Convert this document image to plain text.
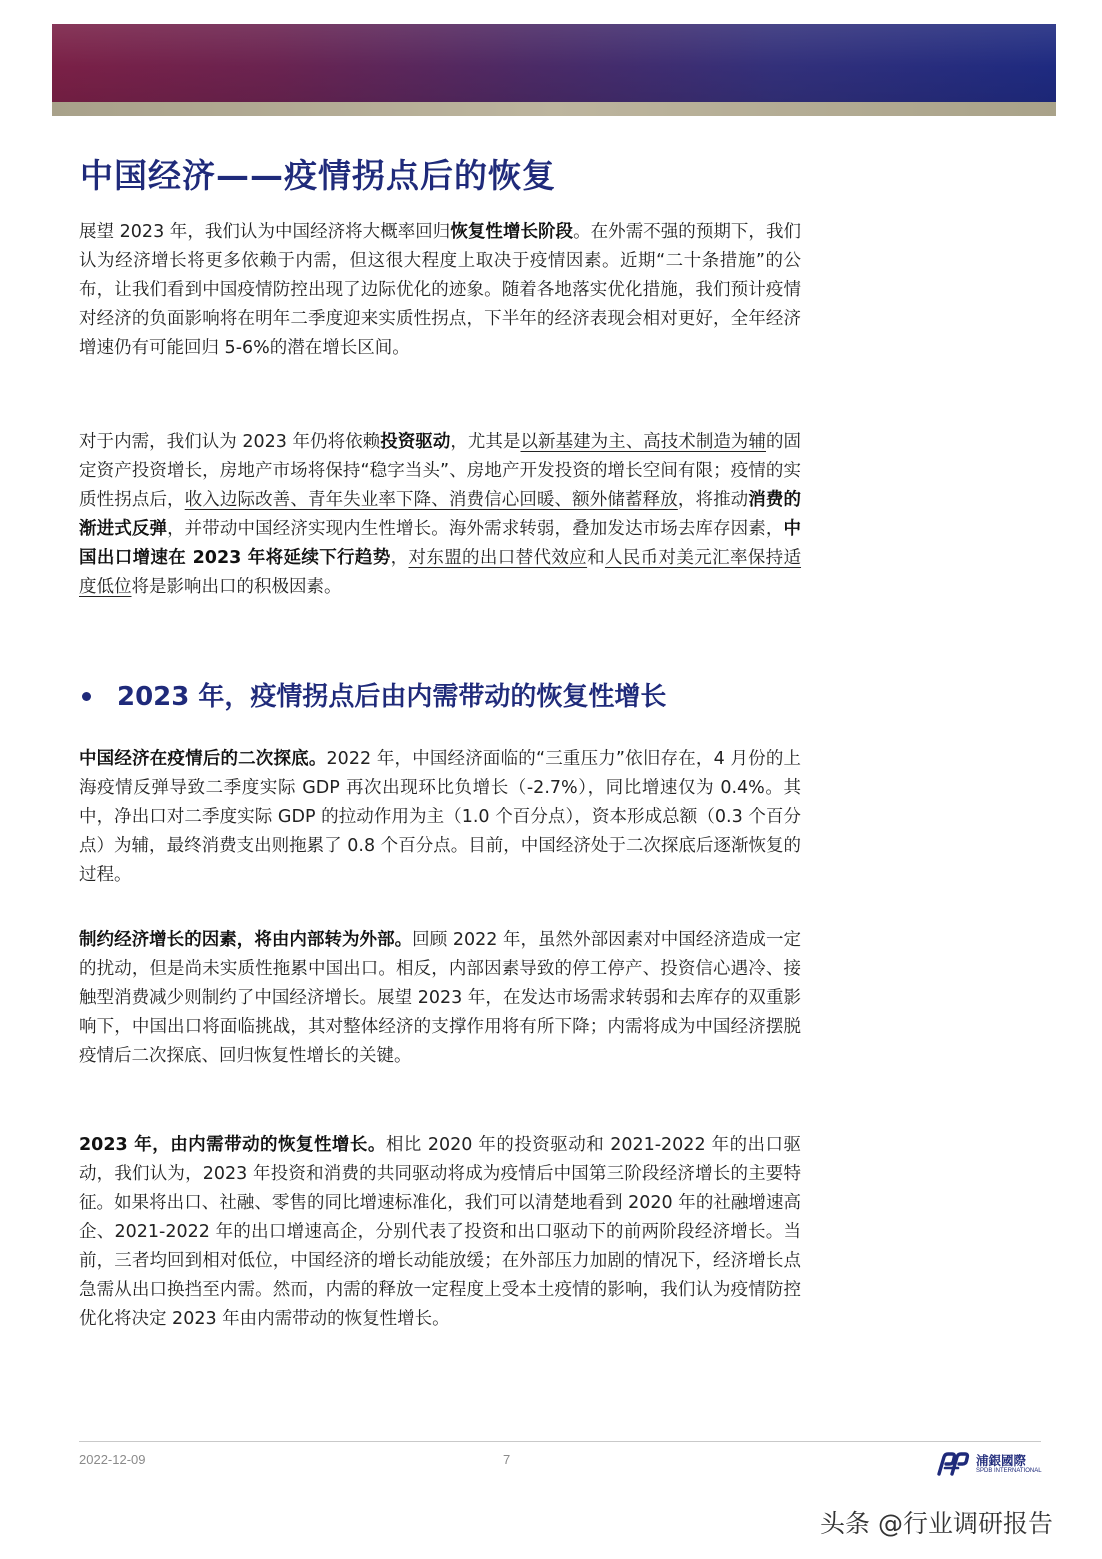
中国经济——疫情拐点后的恢复

展望 2023 年，我们认为中国经济将大概率回归恢复性增长阶段。在外需不强的预期下，我们认为经济增长将更多依赖于内需，但这很大程度上取决于疫情因素。近期“二十条措施”的公布，让我们看到中国疫情防控出现了边际优化的迹象。随着各地落实优化措施，我们预计疫情对经济的负面影响将在明年二季度迎来实质性拐点，下半年的经济表现会相对更好，全年经济增速仍有可能回归 5-6%的潜在增长区间。

对于内需，我们认为 2023 年仍将依赖投资驱动，尤其是以新基建为主、高技术制造为辅的固定资产投资增长，房地产市场将保持“稳字当头”、房地产开发投资的增长空间有限；疫情的实质性拐点后，收入边际改善、青年失业率下降、消费信心回暖、额外储蓄释放，将推动消费的渐进式反弹，并带动中国经济实现内生性增长。海外需求转弱，叠加发达市场去库存因素，中国出口增速在 2023 年将延续下行趋势，对东盟的出口替代效应和人民币对美元汇率保持适度低位将是影响出口的积极因素。

2023 年，疫情拐点后由内需带动的恢复性增长

中国经济在疫情后的二次探底。2022 年，中国经济面临的“三重压力”依旧存在，4 月份的上海疫情反弹导致二季度实际 GDP 再次出现环比负增长（-2.7%），同比增速仅为 0.4%。其中，净出口对二季度实际 GDP 的拉动作用为主（1.0 个百分点），资本形成总额（0.3 个百分点）为辅，最终消费支出则拖累了 0.8 个百分点。目前，中国经济处于二次探底后逐渐恢复的过程。

制约经济增长的因素，将由内部转为外部。回顾 2022 年，虽然外部因素对中国经济造成一定的扰动，但是尚未实质性拖累中国出口。相反，内部因素导致的停工停产、投资信心遇冷、接触型消费减少则制约了中国经济增长。展望 2023 年，在发达市场需求转弱和去库存的双重影响下，中国出口将面临挑战，其对整体经济的支撑作用将有所下降；内需将成为中国经济摆脱疫情后二次探底、回归恢复性增长的关键。

2023 年，由内需带动的恢复性增长。相比 2020 年的投资驱动和 2021-2022 年的出口驱动，我们认为，2023 年投资和消费的共同驱动将成为疫情后中国第三阶段经济增长的主要特征。如果将出口、社融、零售的同比增速标准化，我们可以清楚地看到 2020 年的社融增速高企、2021-2022 年的出口增速高企，分别代表了投资和出口驱动下的前两阶段经济增长。当前，三者均回到相对低位，中国经济的增长动能放缓；在外部压力加剧的情况下，经济增长点急需从出口换挡至内需。然而，内需的释放一定程度上受本土疫情的影响，我们认为疫情防控优化将决定 2023 年由内需带动的恢复性增长。

2022-12-09	7	浦銀國際
SPDB INTERNATIONAL
头条 @行业调研报告
